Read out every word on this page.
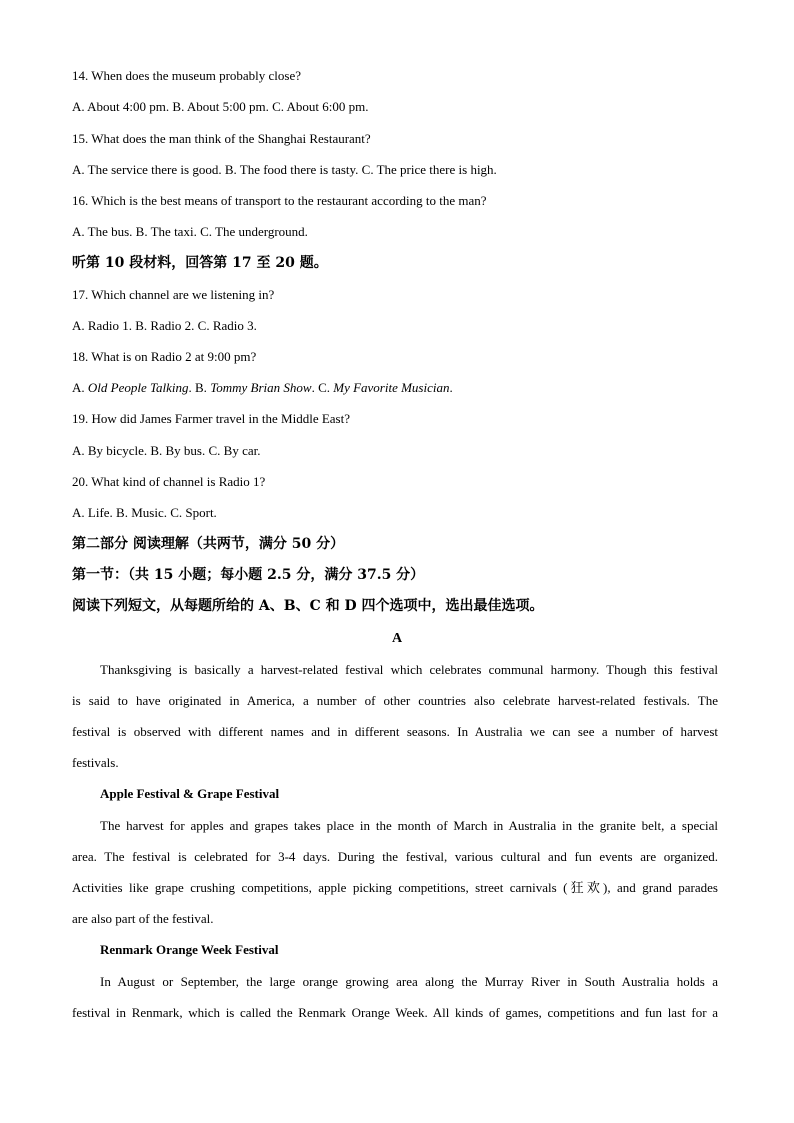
14. When does the museum probably close?
A. About 4:00 pm. B. About 5:00 pm. C. About 6:00 pm.
15. What does the man think of the Shanghai Restaurant?
A. The service there is good. B. The food there is tasty. C. The price there is high.
16. Which is the best means of transport to the restaurant according to the man?
A. The bus. B. The taxi. C. The underground.
听第 10 段材料，回答第 17 至 20 题。
17. Which channel are we listening in?
A. Radio 1. B. Radio 2. C. Radio 3.
18. What is on Radio 2 at 9:00 pm?
A. Old People Talking. B. Tommy Brian Show. C. My Favorite Musician.
19. How did James Farmer travel in the Middle East?
A. By bicycle. B. By bus. C. By car.
20. What kind of channel is Radio 1?
A. Life. B. Music. C. Sport.
第二部分 阅读理解（共两节，满分 50 分）
第一节：（共 15 小题；每小题 2.5 分，满分 37.5 分）
阅读下列短文，从每题所给的 A、B、C 和 D 四个选项中，选出最佳选项。
A
Thanksgiving is basically a harvest-related festival which celebrates communal harmony. Though this festival
is said to have originated in America, a number of other countries also celebrate harvest-related festivals. The
festival is observed with different names and in different seasons. In Australia we can see a number of harvest
festivals.
Apple Festival & Grape Festival
The harvest for apples and grapes takes place in the month of March in Australia in the granite belt, a special
area. The festival is celebrated for 3-4 days. During the festival, various cultural and fun events are organized.
Activities like grape crushing competitions, apple picking competitions, street carnivals (狂欢), and grand parades
are also part of the festival.
Renmark Orange Week Festival
In August or September, the large orange growing area along the Murray River in South Australia holds a
festival in Renmark, which is called the Renmark Orange Week. All kinds of games, competitions and fun last for a
